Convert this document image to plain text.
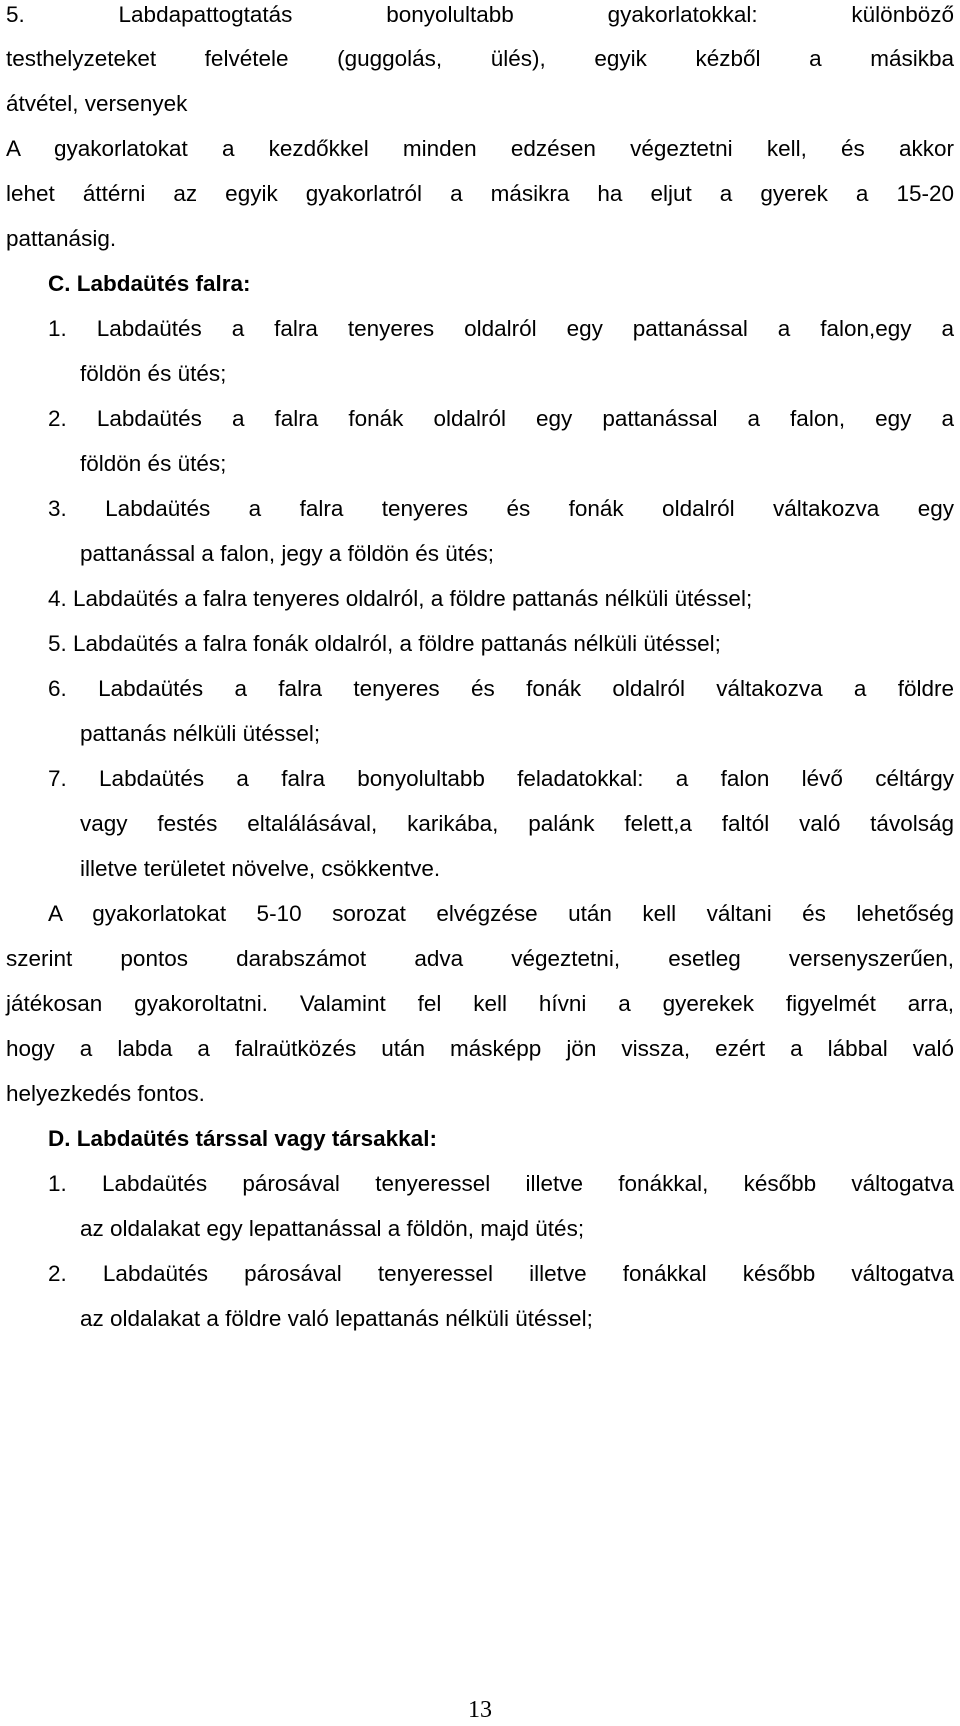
5. Labdapattogtatás bonyolultabb gyakorlatokkal: különböző
testhelyzeteket felvétele (guggolás, ülés), egyik kézből a másikba
átvétel, versenyek
A gyakorlatokat a kezdőkkel minden edzésen végeztetni kell, és akkor
lehet áttérni az egyik gyakorlatról a másikra ha eljut a gyerek a 15-20
pattanásig.
C. Labdaütés falra:
1. Labdaütés a falra tenyeres oldalról egy pattanással a falon,egy a
földön és ütés;
2. Labdaütés a falra fonák oldalról egy pattanással a falon, egy a
földön és ütés;
3. Labdaütés a falra tenyeres és fonák oldalról váltakozva egy
pattanással a falon, jegy a földön és ütés;
4. Labdaütés a falra tenyeres oldalról, a földre pattanás nélküli ütéssel;
5. Labdaütés a falra fonák oldalról, a földre pattanás nélküli ütéssel;
6. Labdaütés a falra tenyeres és fonák oldalról váltakozva a földre
pattanás nélküli ütéssel;
7. Labdaütés a falra bonyolultabb feladatokkal: a falon lévő céltárgy
vagy festés eltalálásával, karikába, palánk felett,a faltól való távolság
illetve területet növelve, csökkentve.
A gyakorlatokat 5-10 sorozat elvégzése után kell váltani és lehetőség
szerint pontos darabszámot adva végeztetni, esetleg versenyszerűen,
játékosan gyakoroltatni. Valamint fel kell hívni a gyerekek figyelmét arra,
hogy a labda a falraütközés után másképp jön vissza, ezért a lábbal való
helyezkedés fontos.
D. Labdaütés társsal vagy társakkal:
1. Labdaütés párosával tenyeressel illetve fonákkal, később váltogatva
az oldalakat egy lepattanással a földön, majd ütés;
2. Labdaütés párosával tenyeressel illetve fonákkal később váltogatva
az oldalakat a földre való lepattanás nélküli ütéssel;
13
